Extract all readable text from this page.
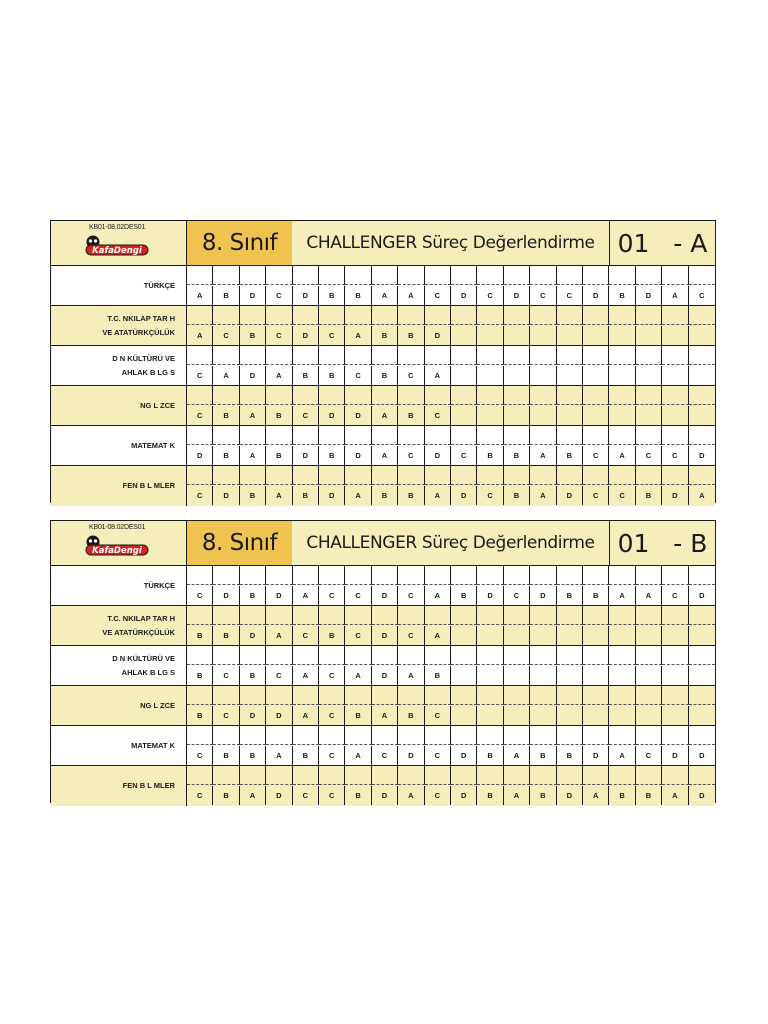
KB01-08.02DES01
KafaDengi	8. Sınıf	CHALLENGER Süreç Değerlendirme 01   - A
TÜRKÇE
A	B	D	C	D	B	B	A	A	C	D	C	D	C	C	D	B	D	A	C
T.C. NKILAP TAR H
VE ATATÜRKÇÜLÜK	A	C	B	C	D	C	A	B	B	D
D N KÜLTÜRÜ VE
AHLAK B LG S	C	A	D	A	B	B	C	B	C	A
NG L ZCE
C	B	A	B	C	D	D	A	B	C
MATEMAT K
D	B	A	B	D	B	D	A	C	D	C	B	B	A	B	C	A	C	C	D
FEN B L MLER
C	D	B	A	B	D	A	B	B	A	D	C	B	A	D	C	C	B	D	A
KB01-08.02DES01
KafaDengi	8. Sınıf	CHALLENGER Süreç Değerlendirme 01   - B
TÜRKÇE
C	D	B	D	A	C	C	D	C	A	B	D	C	D	B	B	A	A	C	D
T.C. NKILAP TAR H
VE ATATÜRKÇÜLÜK	B	B	D	A	C	B	C	D	C	A
D N KÜLTÜRÜ VE
AHLAK B LG S	B	C	B	C	A	C	A	D	A	B
NG L ZCE
B	C	D	D	A	C	B	A	B	C
MATEMAT K
C	B	B	A	B	C	A	C	D	C	D	B	A	B	B	D	A	C	D	D
FEN B L MLER
C	B	A	D	C	C	B	D	A	C	D	B	A	B	D	A	B	B	A	D
